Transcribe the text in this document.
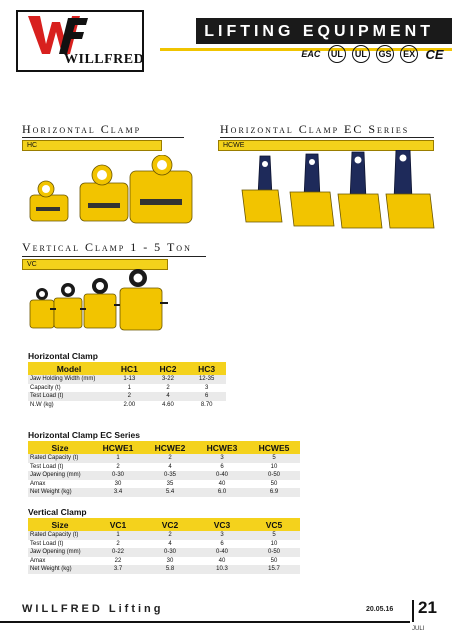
WILLFRED
LIFTING EQUIPMENT
EAC	UL	UL	GS	EX CE
Horizontal Clamp
HC
Horizontal Clamp EC Series
HCWE
Vertical Clamp 1 - 5 Ton
VC
Horizontal Clamp
Model	HC1	HC2	HC3
Jaw Holding Width (mm)	1-13	3-22	12-35
Capacity (t)	1	2	3
Test Load (t)	2	4	6
N.W (kg)	2.00	4.60	8.70
Horizontal Clamp EC Series
Size	HCWE1	HCWE2	HCWE3	HCWE5
Rated Capacity (t)	1	2	3	5
Test Load (t)	2	4	6	10
Jaw Opening (mm)	0-30	0-35	0-40	0-50
Amax	30	35	40	50
Net Weight (kg)	3.4	5.4	6.0	6.9
Vertical Clamp
Size	VC1	VC2	VC3	VC5
Rated Capacity (t)	1	2	3	5
Test Load (t)	2	4	6	10
Jaw Opening (mm)	0-22	0-30	0-40	0-50
Amax	22	30	40	50
Net Weight (kg)	3.7	5.8	10.3	15.7
WILLFRED Lifting	20.05.16 21
JULI
